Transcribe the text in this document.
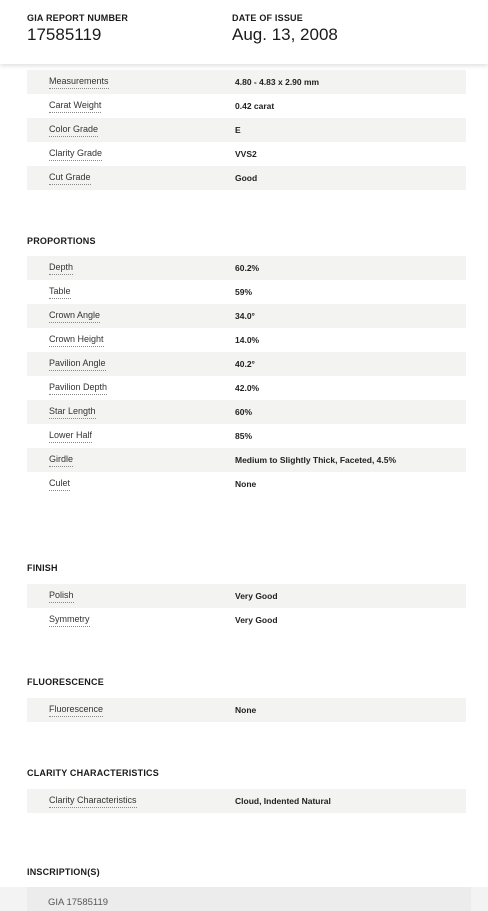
GIA REPORT NUMBER
17585119
DATE OF ISSUE
Aug. 13, 2008
Measurements	4.80 - 4.83 x 2.90 mm
Carat Weight	0.42 carat
Color Grade	E
Clarity Grade	VVS2
Cut Grade	Good
PROPORTIONS
Depth	60.2%
Table	59%
Crown Angle	34.0°
Crown Height	14.0%
Pavilion Angle	40.2°
Pavilion Depth	42.0%
Star Length	60%
Lower Half	85%
Girdle	Medium to Slightly Thick, Faceted, 4.5%
Culet	None
FINISH
Polish	Very Good
Symmetry	Very Good
FLUORESCENCE
Fluorescence	None
CLARITY CHARACTERISTICS
Clarity Characteristics	Cloud, Indented Natural
INSCRIPTION(S)
GIA 17585119
